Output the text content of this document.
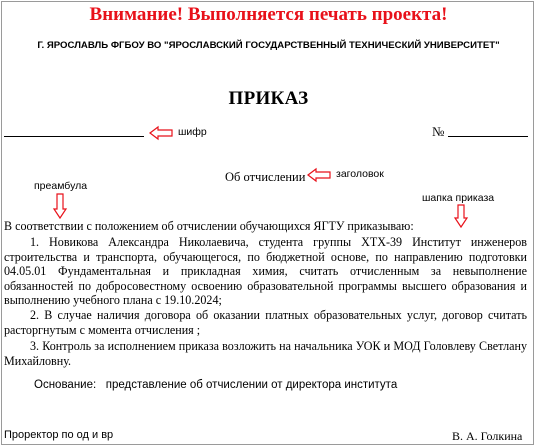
Внимание! Выполняется печать проекта!
Г. ЯРОСЛАВЛЬ ФГБОУ ВО "ЯРОСЛАВСКИЙ ГОСУДАРСТВЕННЫЙ ТЕХНИЧЕСКИЙ УНИВЕРСИТЕТ"
ПРИКАЗ
шифр	№
Об отчислении	заголовок
преамбула
шапка приказа
В соответствии с положением об отчислении обучающихся ЯГТУ приказываю:
1. Новикова Александра Николаевича, студента группы ХТХ-39 Институт инженеров строительства и транспорта, обучающегося, по бюджетной основе, по направлению подготовки 04.05.01 Фундаментальная и прикладная химия, считать отчисленным за невыполнение обязанностей по добросовестному освоению образовательной программы высшего образования и выполнению учебного плана с 19.10.2024;
2. В случае наличия договора об оказании платных образовательных услуг, договор считать расторгнутым с момента отчисления ;
3. Контроль за исполнением приказа возложить на начальника УОК и МОД Головлеву Светлану Михайловну.
Основание: представление об отчислении от директора института
Проректор по од и вр	В. А. Голкина
